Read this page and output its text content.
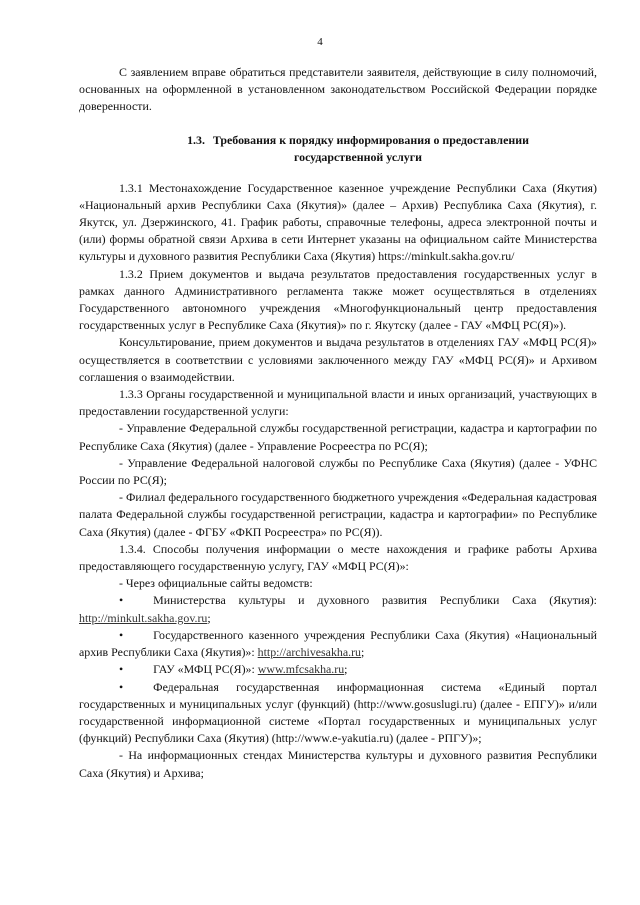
4

С заявлением вправе обратиться представители заявителя, действующие в силу полномочий, основанных на оформленной в установленном законодательством Российской Федерации порядке доверенности.

1.3. Требования к порядку информирования о предоставлении
государственной услуги

1.3.1 Местонахождение Государственное казенное учреждение Республики Саха (Якутия) «Национальный архив Республики Саха (Якутия)» (далее – Архив) Республика Саха (Якутия), г. Якутск, ул. Дзержинского, 41. График работы, справочные телефоны, адреса электронной почты и (или) формы обратной связи Архива в сети Интернет указаны на официальном сайте Министерства культуры и духовного развития Республики Саха (Якутия) https://minkult.sakha.gov.ru/

1.3.2 Прием документов и выдача результатов предоставления государственных услуг в рамках данного Административного регламента также может осуществляться в отделениях Государственного автономного учреждения «Многофункциональный центр предоставления государственных услуг в Республике Саха (Якутия)» по г. Якутску (далее - ГАУ «МФЦ РС(Я)»).

Консультирование, прием документов и выдача результатов в отделениях ГАУ «МФЦ РС(Я)» осуществляется в соответствии с условиями заключенного между ГАУ «МФЦ РС(Я)» и Архивом соглашения о взаимодействии.

1.3.3 Органы государственной и муниципальной власти и иных организаций, участвующих в предоставлении государственной услуги:

- Управление Федеральной службы государственной регистрации, кадастра и картографии по Республике Саха (Якутия) (далее - Управление Росреестра по РС(Я);

- Управление Федеральной налоговой службы по Республике Саха (Якутия) (далее - УФНС России по РС(Я);

- Филиал федерального государственного бюджетного учреждения «Федеральная кадастровая палата Федеральной службы государственной регистрации, кадастра и картографии» по Республике Саха (Якутия) (далее - ФГБУ «ФКП Росреестра» по РС(Я)).

1.3.4. Способы получения информации о месте нахождения и графике работы Архива предоставляющего государственную услугу, ГАУ «МФЦ РС(Я)»:

- Через официальные сайты ведомств:

•	Министерства культуры и духовного развития Республики Саха (Якутия): http://minkult.sakha.gov.ru;

•	Государственного казенного учреждения Республики Саха (Якутия) «Национальный архив Республики Саха (Якутия)»: http://archivesakha.ru;

•	ГАУ «МФЦ РС(Я)»: www.mfcsakha.ru;

•	Федеральная государственная информационная система «Единый портал государственных и муниципальных услуг (функций) (http://www.gosuslugi.ru) (далее - ЕПГУ)» и/или государственной информационной системе «Портал государственных и муниципальных услуг (функций) Республики Саха (Якутия) (http://www.e-yakutia.ru) (далее - РПГУ)»;

- На информационных стендах Министерства культуры и духовного развития Республики Саха (Якутия) и Архива;
